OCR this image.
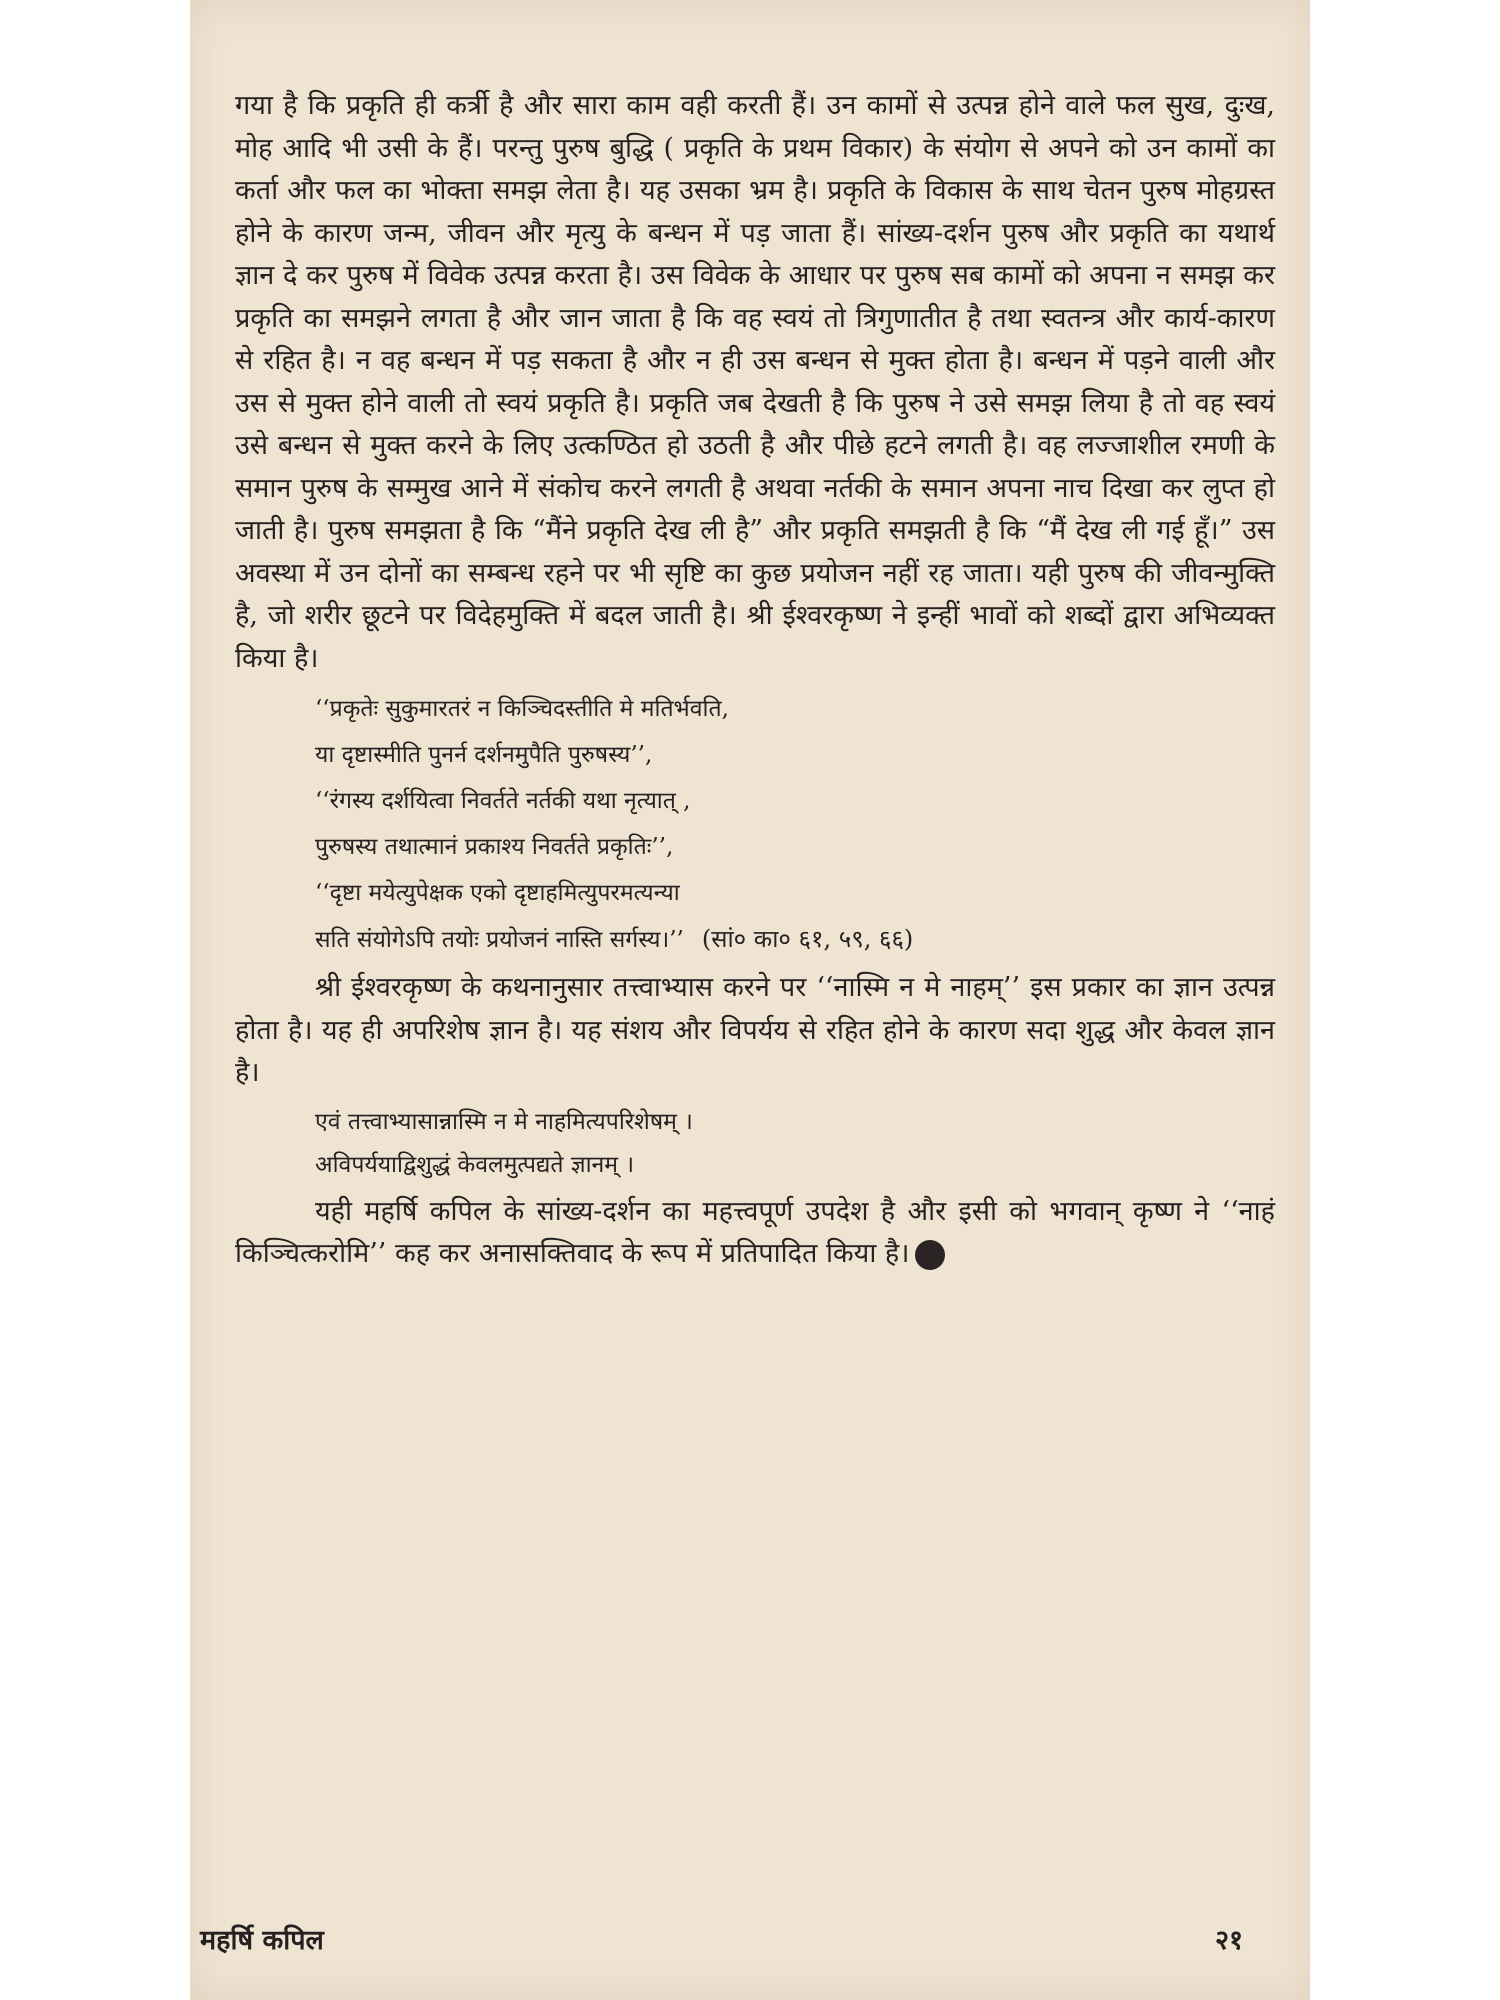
गया है कि प्रकृति ही कर्त्री है और सारा काम वही करती हैं। उन कामों से उत्पन्न होने वाले फल सुख, दुःख, मोह आदि भी उसी के हैं। परन्तु पुरुष बुद्धि ( प्रकृति के प्रथम विकार) के संयोग से अपने को उन कामों का कर्ता और फल का भोक्ता समझ लेता है। यह उसका भ्रम है। प्रकृति के विकास के साथ चेतन पुरुष मोहग्रस्त होने के कारण जन्म, जीवन और मृत्यु के बन्धन में पड़ जाता हैं। सांख्य-दर्शन पुरुष और प्रकृति का यथार्थ ज्ञान दे कर पुरुष में विवेक उत्पन्न करता है। उस विवेक के आधार पर पुरुष सब कामों को अपना न समझ कर प्रकृति का समझने लगता है और जान जाता है कि वह स्वयं तो त्रिगुणातीत है तथा स्वतन्त्र और कार्य-कारण से रहित है। न वह बन्धन में पड़ सकता है और न ही उस बन्धन से मुक्त होता है। बन्धन में पड़ने वाली और उस से मुक्त होने वाली तो स्वयं प्रकृति है। प्रकृति जब देखती है कि पुरुष ने उसे समझ लिया है तो वह स्वयं उसे बन्धन से मुक्त करने के लिए उत्कण्ठित हो उठती है और पीछे हटने लगती है। वह लज्जाशील रमणी के समान पुरुष के सम्मुख आने में संकोच करने लगती है अथवा नर्तकी के समान अपना नाच दिखा कर लुप्त हो जाती है। पुरुष समझता है कि “मैंने प्रकृति देख ली है” और प्रकृति समझती है कि “मैं देख ली गई हूँ।” उस अवस्था में उन दोनों का सम्बन्ध रहने पर भी सृष्टि का कुछ प्रयोजन नहीं रह जाता। यही पुरुष की जीवन्मुक्ति है, जो शरीर छूटने पर विदेहमुक्ति में बदल जाती है। श्री ईश्वरकृष्ण ने इन्हीं भावों को शब्दों द्वारा अभिव्यक्त किया है।

‘‘प्रकृतेः सुकुमारतरं न किञ्चिदस्तीति मे मतिर्भवति,

या दृष्टास्मीति पुनर्न दर्शनमुपैति पुरुषस्य’’,

‘‘रंगस्य दर्शयित्वा निवर्तते नर्तकी यथा नृत्यात् ,

पुरुषस्य तथात्मानं प्रकाश्य निवर्तते प्रकृतिः’’,

‘‘दृष्टा मयेत्युपेक्षक एको दृष्टाहमित्युपरमत्यन्या

सति संयोगेऽपि तयोः प्रयोजनं नास्ति सर्गस्य।’’ (सां० का० ६१, ५९, ६६)

श्री ईश्वरकृष्ण के कथनानुसार तत्त्वाभ्यास करने पर ‘‘नास्मि न मे नाहम्’’ इस प्रकार का ज्ञान उत्पन्न होता है। यह ही अपरिशेष ज्ञान है। यह संशय और विपर्यय से रहित होने के कारण सदा शुद्ध और केवल ज्ञान है।

एवं तत्त्वाभ्यासान्नास्मि न मे नाहमित्यपरिशेषम् ।

अविपर्ययाद्विशुद्धं केवलमुत्पद्यते ज्ञानम् ।

यही महर्षि कपिल के सांख्य-दर्शन का महत्त्वपूर्ण उपदेश है और इसी को भगवान् कृष्ण ने ‘‘नाहं किञ्चित्करोमि’’ कह कर अनासक्तिवाद के रूप में प्रतिपादित किया है।

महर्षि कपिल	२१
